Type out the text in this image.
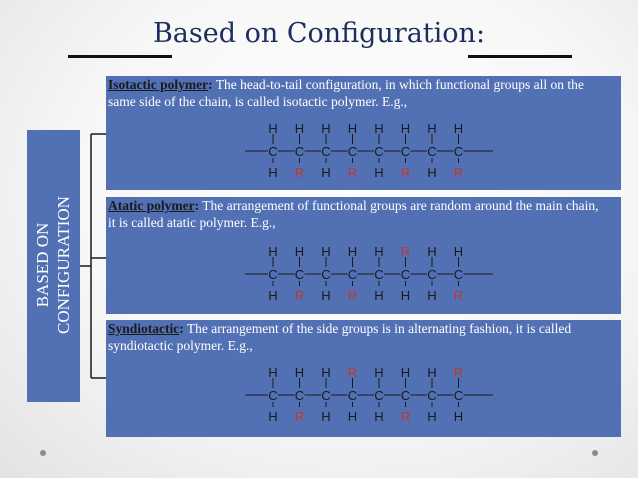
Based on Configuration:
BASED ON
CONFIGURATION
Isotactic polymer: The head-to-tail configuration, in which functional groups all on the same side of the chain, is called isotactic polymer. E.g.,
H
C
H
H
C
R
H
C
H
H
C
R
H
C
H
H
C
R
H
C
H
H
C
R
Atatic polymer: The arrangement of functional groups are random around the main chain, it is called atatic polymer. E.g.,
H
C
H
H
C
R
H
C
H
H
C
R
H
C
H
R
C
H
H
C
H
H
C
R
Syndiotactic: The arrangement of the side groups is in alternating fashion, it is called syndiotactic polymer. E.g.,
H
C
H
H
C
R
H
C
H
R
C
H
H
C
H
H
C
R
H
C
H
R
C
H
